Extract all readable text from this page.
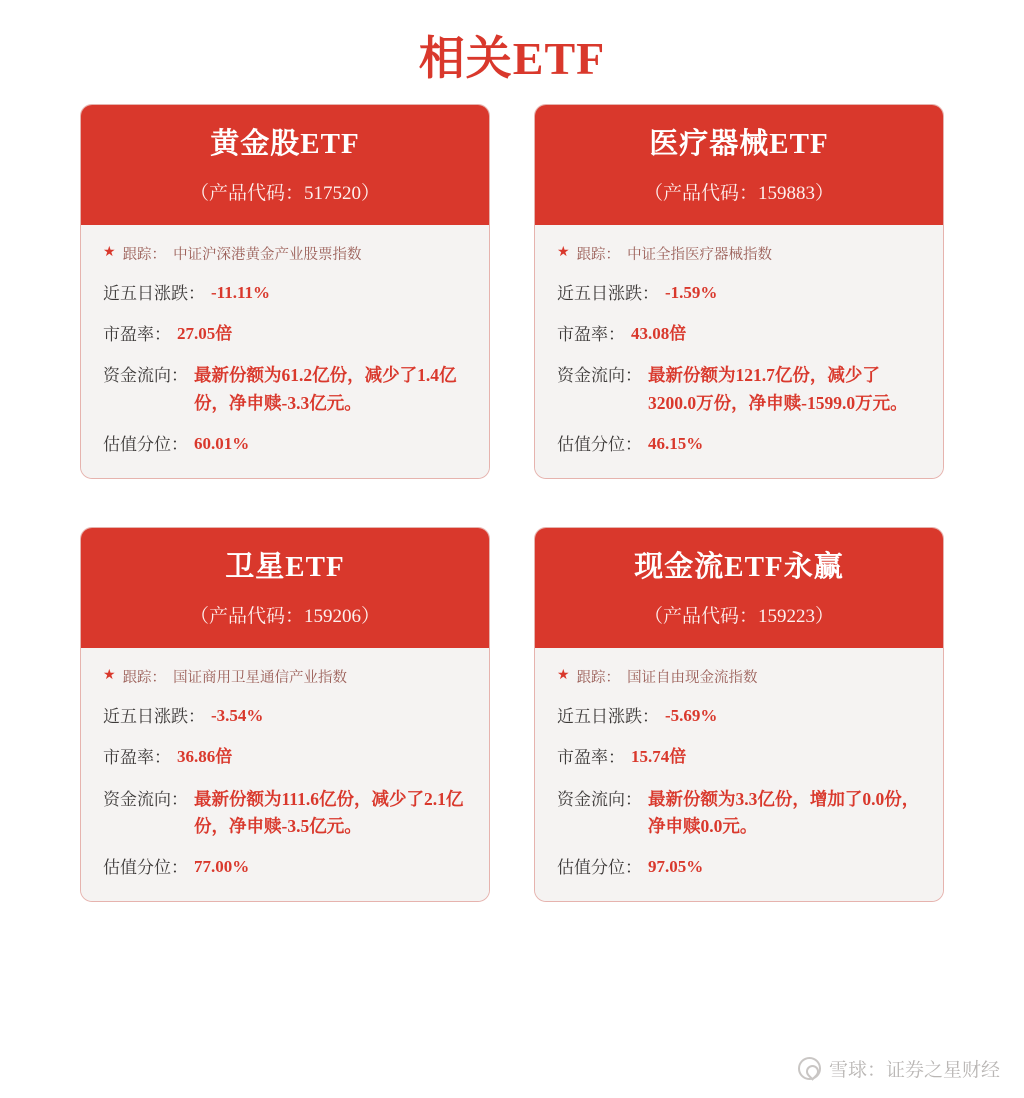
相关ETF
黄金股ETF
（产品代码：517520）
★ 跟踪： 中证沪深港黄金产业股票指数
近五日涨跌： -11.11%
市盈率： 27.05倍
资金流向： 最新份额为61.2亿份，减少了1.4亿份，净申赎-3.3亿元。
估值分位： 60.01%
医疗器械ETF
（产品代码：159883）
★ 跟踪： 中证全指医疗器械指数
近五日涨跌： -1.59%
市盈率： 43.08倍
资金流向： 最新份额为121.7亿份，减少了3200.0万份，净申赎-1599.0万元。
估值分位： 46.15%
卫星ETF
（产品代码：159206）
★ 跟踪： 国证商用卫星通信产业指数
近五日涨跌： -3.54%
市盈率： 36.86倍
资金流向： 最新份额为111.6亿份，减少了2.1亿份，净申赎-3.5亿元。
估值分位： 77.00%
现金流ETF永赢
（产品代码：159223）
★ 跟踪： 国证自由现金流指数
近五日涨跌： -5.69%
市盈率： 15.74倍
资金流向： 最新份额为3.3亿份，增加了0.0份，净申赎0.0元。
估值分位： 97.05%
雪球：证券之星财经
